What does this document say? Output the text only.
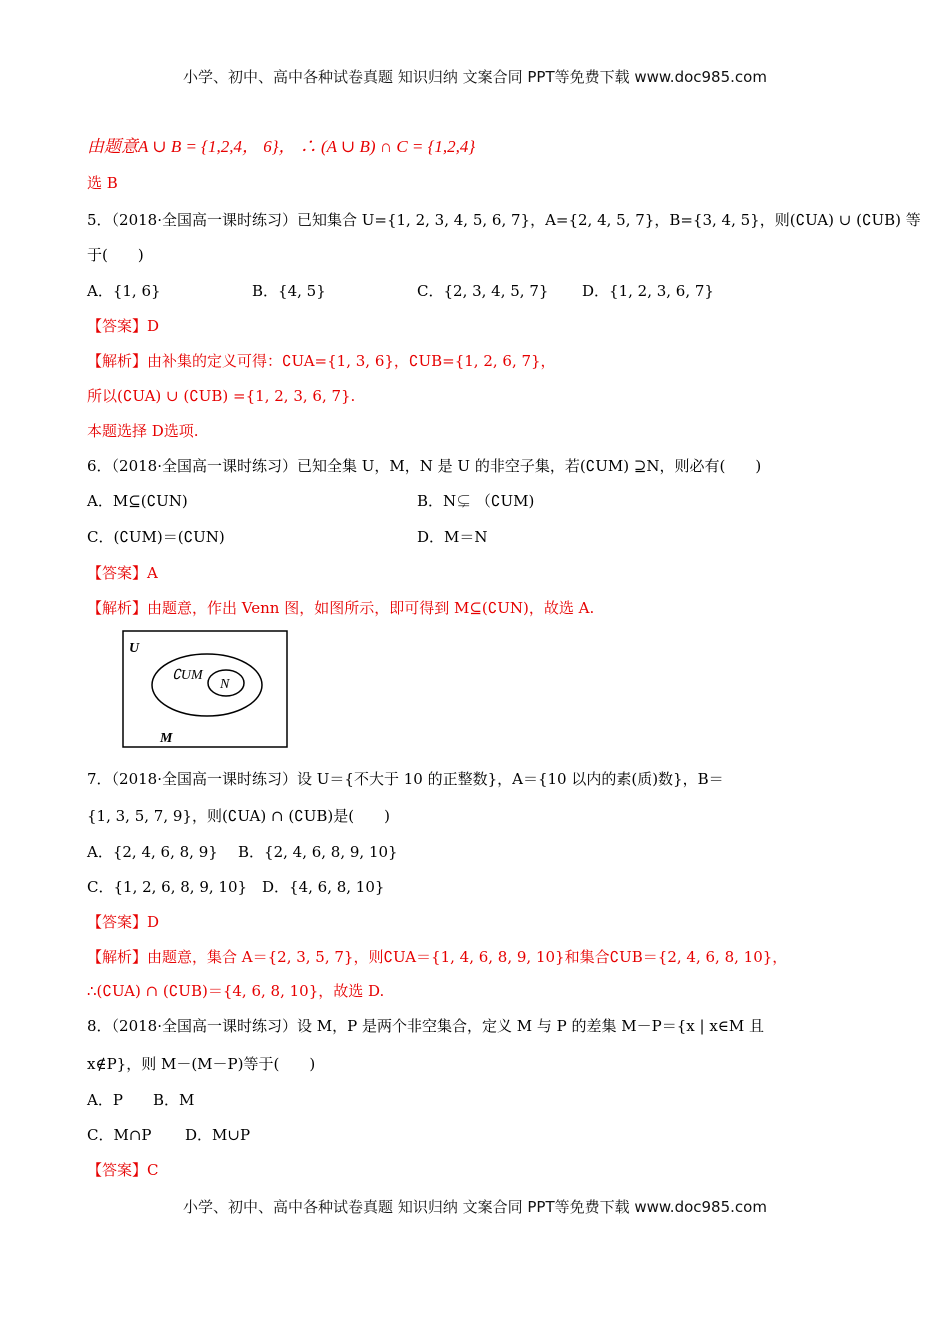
小学、初中、高中各种试卷真题 知识归纳 文案合同 PPT等免费下载 www.doc985.com
由题意A ∪ B = {1,2,4， 6}， ∴ (A ∪ B) ∩ C = {1,2,4}
选 B
5．（2018·全国高一课时练习）已知集合 U={1, 2, 3, 4, 5, 6, 7}，A={2, 4, 5, 7}，B={3, 4, 5}，则(∁UA) ∪ (∁UB) 等
于(　　)
A．{1, 6}	B．{4, 5}	C．{2, 3, 4, 5, 7} D．{1, 2, 3, 6, 7}
【答案】D
【解析】由补集的定义可得：∁UA={1, 3, 6}，∁UB={1, 2, 6, 7}，
所以(∁UA) ∪ (∁UB) ={1, 2, 3, 6, 7}.
本题选择 D选项.
6．（2018·全国高一课时练习）已知全集 U，M，N 是 U 的非空子集，若(∁UM) ⊇N，则必有(　　)
A．M⊆(∁UN)	B．N⊊ （∁UM)
C．(∁UM)＝(∁UN)	D．M＝N
【答案】A
【解析】由题意，作出 Venn 图，如图所示，即可得到 M⊆(∁UN)，故选 A.
U
∁UM
N
M
7．（2018·全国高一课时练习）设 U＝{不大于 10 的正整数}，A＝{10 以内的素(质)数}，B＝
{1, 3, 5, 7, 9}，则(∁UA) ∩ (∁UB)是(　　)
A．{2, 4, 6, 8, 9} B．{2, 4, 6, 8, 9, 10}
C．{1, 2, 6, 8, 9, 10} D．{4, 6, 8, 10}
【答案】D
【解析】由题意，集合 A＝{2, 3, 5, 7}，则∁UA＝{1, 4, 6, 8, 9, 10}和集合∁UB＝{2, 4, 6, 8, 10}，
∴(∁UA) ∩ (∁UB)＝{4, 6, 8, 10}，故选 D.
8．（2018·全国高一课时练习）设 M，P 是两个非空集合，定义 M 与 P 的差集 M－P＝{x | x∈M 且
x∉P}，则 M－(M－P)等于(　　)
A．P B．M
C．M∩P D．M∪P
【答案】C
小学、初中、高中各种试卷真题 知识归纳 文案合同 PPT等免费下载 www.doc985.com
